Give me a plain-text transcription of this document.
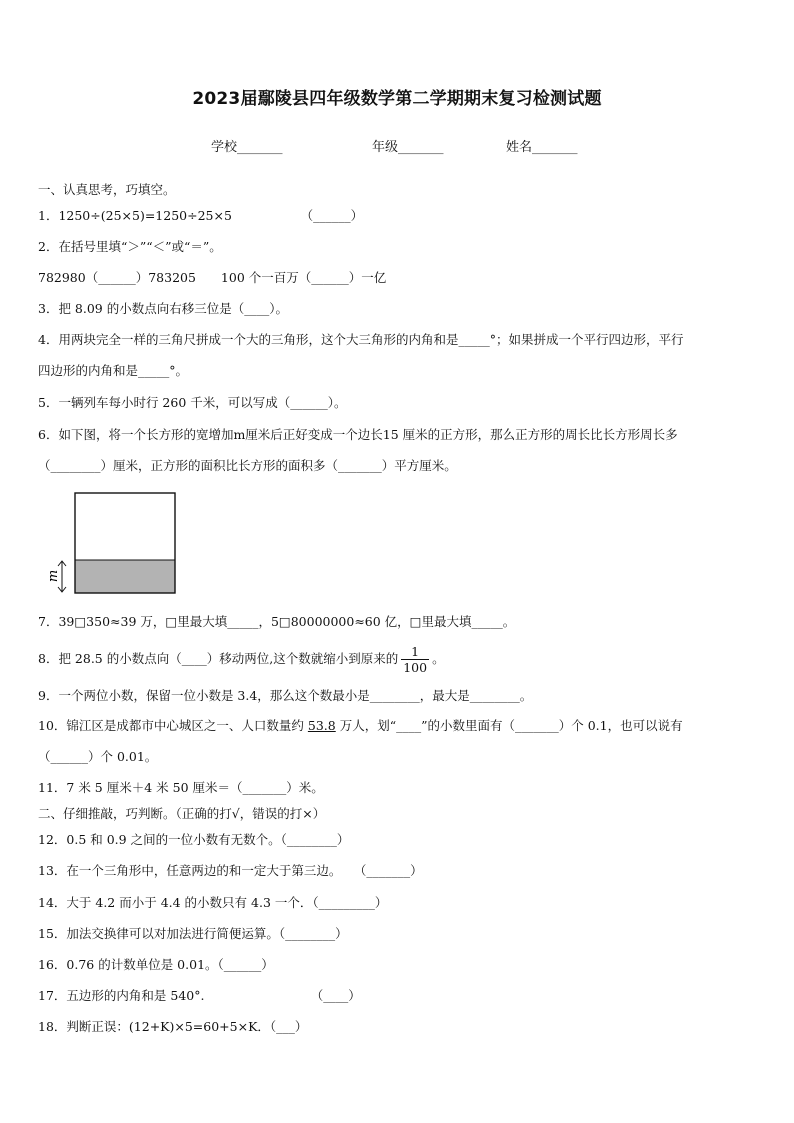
2023届鄢陵县四年级数学第二学期期末复习检测试题
学校_______	年级_______	姓名_______
一、认真思考，巧填空。
1．1250÷(25×5)=1250÷25×5　　　　　　（______）
2．在括号里填“＞”“＜”或“＝”。
782980（______）783205　　100 个一百万（______）一亿
3．把 8.09 的小数点向右移三位是（____）。
4．用两块完全一样的三角尺拼成一个大的三角形，这个大三角形的内角和是_____°；如果拼成一个平行四边形，平行
四边形的内角和是_____°。
5．一辆列车每小时行 260 千米，可以写成（______）。
6．如下图，将一个长方形的宽增加m厘米后正好变成一个边长15 厘米的正方形，那么正方形的周长比长方形周长多
（________）厘米，正方形的面积比长方形的面积多（_______）平方厘米。
m
7．39□350≈39 万，□里最大填_____，5□80000000≈60 亿，□里最大填_____。
8．把 28.5 的小数点向（____）移动两位,这个数就缩小到原来的 $\frac{1}{100}$ 。
9．一个两位小数，保留一位小数是 3.4，那么这个数最小是________，最大是________。
10．锦江区是成都市中心城区之一、人口数量约 53.8 万人，划“____”的小数里面有（_______）个 0.1，也可以说有
（______）个 0.01。
11．7 米 5 厘米＋4 米 50 厘米＝（_______）米。
二、仔细推敲，巧判断。（正确的打√，错误的打×）
12．0.5 和 0.9 之间的一位小数有无数个。（________）
13．在一个三角形中，任意两边的和一定大于第三边。　　（_______）
14．大于 4.2 而小于 4.4 的小数只有 4.3 一个．（_________）
15．加法交换律可以对加法进行简便运算。（________）
16．0.76 的计数单位是 0.01。（______）
17．五边形的内角和是 540°.　　　　　　　　　（____）
18．判断正误：(12+K)×5=60+5×K．（___）
